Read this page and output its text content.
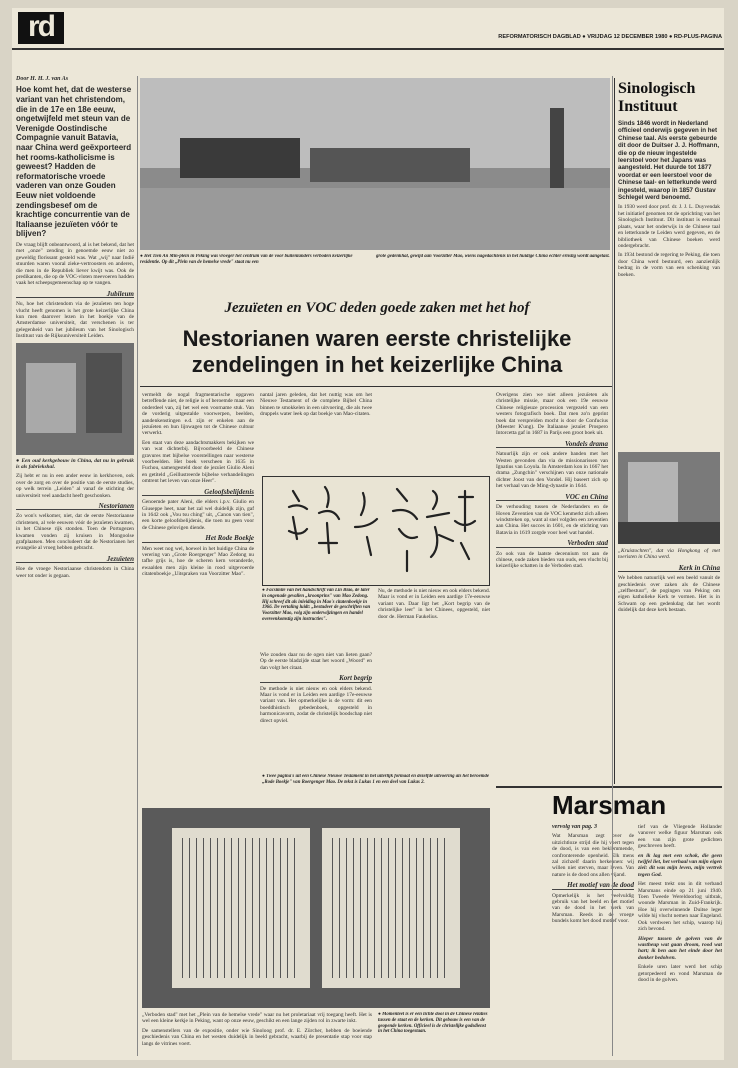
rd	REFORMATORISCH DAGBLAD ● VRIJDAG 12 DECEMBER 1980 ● RD-PLUS-PAGINA
Door H. H. J. van As

Hoe komt het, dat de westerse variant van het christendom, die in de 17e en 18e eeuw, ongetwijfeld met steun van de Verenigde Oostindische Compagnie vanuit Batavia, naar China werd geëxporteerd het rooms-katholicisme is geweest? Hadden de reformatorische vroede vaderen van onze Gouden Eeuw niet voldoende zendingsbesef om de krachtige concurrentie van de Italiaanse jezuïeten vóór te blijven?

De vraag blijft onbeantwoord, al is het bekend, dat het met „onze" zending in genoemde eeuw niet zo geweldig florissant gesteld was. Wat „wij" naar Indië stuurden waren vooral zieke-vertroosters en anderen, die men in de Republiek liever kwijt was. Ook de predikanten, die op de VOC-vloten meevoeren hadden vaak het scheepsgemeenschap op te vangen.

Jubileum

Nu, hoe het christendom via de jezuïeten ten hoge vlucht heeft genomen is het grote keizerlijke China kun men daarover lezen in het boekje van de Amsterdamse universiteit, dat verschenen is ter gelegenheid van het jubileum van het Sinologisch Instituut van de Rijksuniversiteit Leiden.

● Een oud kerkgebouw in China, dat nu in gebruik is als fabriekshal.

Zij hebt er nu in een ander eeuw in kerkhoven, ook over de zorg en over de positie van de eerste studies, op welk terrein „Leiden" al vanaf de stichting der universiteit veel aandacht heeft geschonken.

Nestorianen

Zo won's welkomer, niet, dat de eerste Nestoriaanse christenen, al vele eeuwen vóór de jezuïeten kwamen, in het Chinese rijk stonden. Toen de Portugezen kwamen vonden zij kruisen in Mongoolse grafplaatsen. Men concludeert dat de Nestorianen het evangelie al vroeg hebben gebracht.

Jezuïeten

Hoe de vroege Nestoriaanse christendom in China weer tot onder is gegaan.

● Het Tien An Min-plein in Peking was vroeger het centrum van de voor buitenlanders verboden keizerlijke residentie. Op dit „Plein van de hemelse vrede" staat nu een
grote gedenkhal, gewijd aan Voorzitter Mao, wiens nagedachtenis in het huidige China echter ernstig wordt aangetast.
Jezuïeten en VOC deden goede zaken met het hof
Nestorianen waren eerste christelijke
zendelingen in het keizerlijke China

vermeldt de nogal fragmentarische opgaven betreffende niet, de religie is of beroemde maar een onderdeel van, zij het wel een voorname stuk. Van de vorderig uitgestalde voorwerpen, beelden, aandenkenstingen e.d. zijn er enkelen aan de jezuïeten en hun lijnwagen tot de Chinese cultuur verwerkt.

Een staat van deze aandachtsmakkers bekijken we van wat dichterbij. Bijvoorbeeld de Chinese gravures met bijbelse voorstellingen naar westerse voorbeelden. Het boek verscheen in 1635 in Fuchou, samengesteld door de jezuïet Giulio Aleni en getiteld „Geillustreerde bijbelse verhandelingen omtrent het leven van onze Heer".

Geloofsbelijdenis

Genoemde pater Aleni, die elders i.p.v. Giulio en Giuseppe heet, naar het zal wel duidelijk zijn, gaf in 1642 ook „Vou tsu ching" uit, „Canon van tien", een korte geloofsbelijdenis, die toen nu geen voor de Chinese gelovigen diende.

Het Rode Boekje

Men weet nog wel, hoewel in het huidige China de verering van „Grote Roergenger" Mao Zedong nu tafhe grijs is, hoe de scheren kern veranderde, ewaalden men zijn kleine in rood uitgevoerde citatenboekje „Uitspraken van Voorzitter Mao".

nantal jaren geleden, dat het nuttig was om het Nieuwe Testament of de complete Bijbel China binnen te smokkelen in een uitvoering, die als twee druppels water leek op dat boekje van Mao-citaten.

● Facsimile van het handschrift van Lin Biao, de later in ongenade gevallen „kroonprins" van Mao Zedong. Hij schreef dit als inleiding in Mao's citatenboekje in 1966. De vertaling luidt: „bestudeer de geschriften van Voorzitter Mao, volg zijn onderwijzingen en handel overeenkomstig zijn instructies".

Wie zouden daar nu de ogen niet van lieten gaan? Op de eerste bladzijde staat het woord „Woord" en dan volgt het citaat.

Kort begrip

De methode is niet nieuw en ook elders bekend. Maar is vond er in Leiden een aardige 17e-eeuwse variant van. Het opmerkelijke is de vorm: dit een boeddhistisch gebedenboek, opgesteld in harmonicavorm, zodat de christelijk boodschap niet direct opviel.

Nu, de methode is niet nieuw en ook elders bekend. Maar is vond er in Leiden een aardige 17e-eeuwse variant van. Daar ligt het „Kort begrip van de christelijke leer" in het Chinees, opgesteld, niet door de. Herman Faukelius.

● Twee pagina's uit een Chinese Nieuwe Testament in het uiterlijk formaat en dezelfde uitvoering als het beroemde „Rode Boekje" van Roergenger Mao. De tekst is Lukas 1 en een deel van Lukas 2.

Overigens zien we niet alleen jezuïeten als christelijke missie, maar ook een 19e eeuwse Chinese religieuze procession vergezeld van een westers fotografisch boek. Dat men zo'n geprint boek dat verspreiden mocht is door de Confucius (Meester K'ung). De Italiaanse jezuïet Prospero Intorcetta gaf in 1687 in Parijs een groot boek uit.

Vondels drama

Natuurlijk zijn er ook andere banden met het Westen gevonden dan via de missionarissen van Ignatius van Loyola. In Amsterdam kon in 1667 het drama „Zungchin" verschijnen van onze nationale dichter Joost van den Vondel. Hij baseert zich op het verhaal van de Ming-dynastie in 1644.

VOC en China

De verhouding tussen de Nederlanders en de Hoven Zeventien van de VOC kenmerkt zich alleen windstreken op, want al snel volgden een zeventien aan China. Het succes in 1601, en de stichting van Batavia in 1619 zorgde voor heel wat handel.

Verboden stad

Zo ook van de laatste decennium tot aan de chinese, oude zaken bieden van ouds, een vlucht bij keizerlijke schatten in de Verboden stad.

Sinologisch
Instituut

Sinds 1846 wordt in Nederland officieel onderwijs gegeven in het Chinese taal. Als eerste gebeurde dit door de Duitser J. J. Hoffmann, die op de nieuw ingestelde leerstoel voor het Japans was aangesteld. Het duurde tot 1877 voordat er een leerstoel voor de Chinese taal- en letterkunde werd ingesteld, waarop in 1857 Gustav Schlegel werd benoemd.

In 1930 werd door prof. dr. J. J. L. Duyvendak het initiatief genomen tot de oprichting van het Sinologisch Instituut. Dit instituut is eenmaal plaats, waar het onderwijs in de Chinese taal en letterkunde te Leiden werd gegeven, en de bibliotheek van Chinese boeken werd ondergebracht.

In 1934 bestond de regering te Peking, die toen door China werd bestuurd, een aanzienlijk bedrag in de vorm van een schenking van boeken.

„Kruistochten", dat via Hongkong of met toeristen in China werd.

Kerk in China

We hebben natuurlijk wel een beeld vanuit de geschiedenis over zaken als de Chinese „zelfbestuur", de pogingen van Peking om eigen katholieke Kerk te vormen. Het is in Schwam op een gedenkdag dat het wordt duidelijk dat deze kerk bestaan.

Marsman
vervolg van pag. 3

Wat Marsman zegt over de uitzichtloze strijd die hij voert tegen de dood, is van een beklemmende, confronterende openheid. Elk mens zal zichzelf daarin herkennen: wij willen niet sterven, maar leven. Van nature is de dood ons allen vijand.

Het motief van de dood

Opmerkelijk is het veelvuldig gebruik van het beeld en het motief van de dood in het werk van Marsman. Reeds in de vroege bundels komt het dood motief voor.

tief van de Vliegende Hollander vanover welke figuur Marsman ook een van zijn grote gedichten geschreven heeft.

en ik lag met een schok, die geen twijfel liet, het verhaal van mijn eigen ziel: dit was mijn leven, mijn vertrek tegen God.

Het meest trekt ons in dit verband Marsmans einde op 21 juni 1940. Toen Tweede Wereldoorlog uitbrak, woonde Marsman in Zuid-Frankrijk. Hoe hij overwinnende Duitse leger wilde hij vlucht nemen naar Engeland. Ook verdween het schip, waarop hij zich bevond.

Hieper tussen de golven van de wastheup wat gaan droom, rood wat hart; ik ben aan het einde door het donker bedolven.

Enkele uren later werd het schip getorpedeerd en vond Marsman de dood in de golven.

● Momenteel is er een lichte dooi in de Chinese relaties tussen de staat en de kerken. Dit gebouw is een van de geopende kerken. Officieel is de christelijke godsdienst in het China toegestaan.

„Verboden stad" met het „Plein van de hemelse vrede" waar nu het proletariaat vrij toegang heeft. Het is wel een kleine kerkje in Peking, want op onze eeuw, geschikt en een lange zijden rol in zwarte inkt.

De samenstellers van de expositie, onder wie Sinoloog prof. dr. E. Zürcher, hebben de boeiende geschiedenis van China en het westen duidelijk in beeld gebracht, waarbij de presentatie stap voor stap langs de vitrines voert.
